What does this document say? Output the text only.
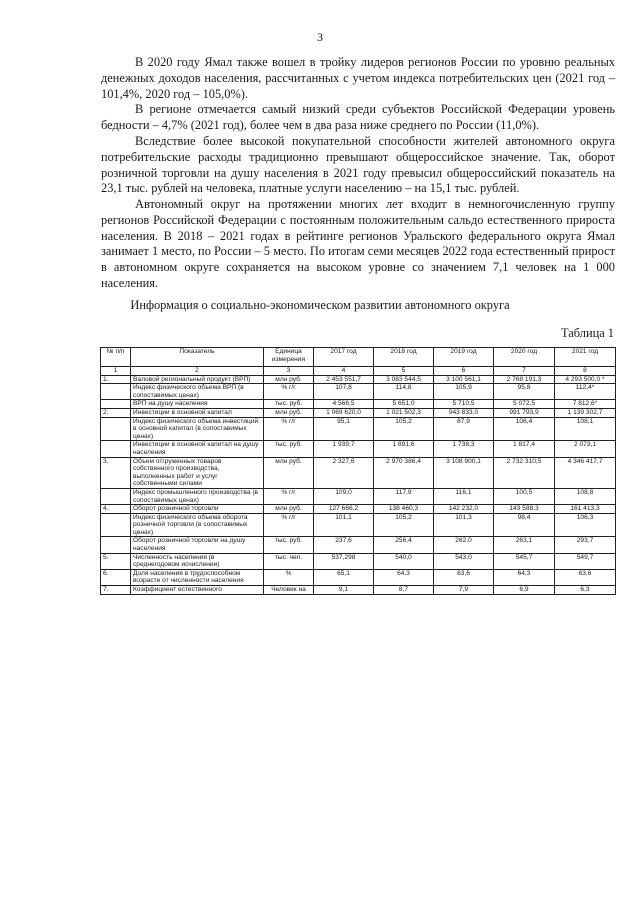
3

В 2020 году Ямал также вошел в тройку лидеров регионов России по уровню реальных денежных доходов населения, рассчитанных с учетом индекса потребительских цен (2021 год – 101,4%, 2020 год – 105,0%).

В регионе отмечается самый низкий среди субъектов Российской Федерации уровень бедности – 4,7% (2021 год), более чем в два раза ниже среднего по России (11,0%).

Вследствие более высокой покупательной способности жителей автономного округа потребительские расходы традиционно превышают общероссийское значение. Так, оборот розничной торговли на душу населения в 2021 году превысил общероссийский показатель на 23,1 тыс. рублей на человека, платные услуги населению – на 15,1 тыс. рублей.

Автономный округ на протяжении многих лет входит в немногочисленную группу регионов Российской Федерации с постоянным положительным сальдо естественного прироста населения. В 2018 – 2021 годах в рейтинге регионов Уральского федерального округа Ямал занимает 1 место, по России – 5 место. По итогам семи месяцев 2022 года естественный прирост в автономном округе сохраняется на высоком уровне со значением 7,1 человек на 1 000 населения.

Информация о социально-экономическом развитии автономного округа
Таблица 1
№ п/п	Показатель	Единица измерения	2017 год	2018 год	2019 год	2020 год	2021 год
1	2	3	4	5	6	7	8
1.	Валовой региональный продукт (ВРП)	млн руб.	2 453 551,7	3 083 544,5	3 100 561,1	2 768 191,3	4 293 500,0 *
	Индекс физического объема ВРП (в сопоставимых ценах)	% г/г	107,8	114,8	105,9	95,8	112,4*
	ВРП на душу населения	тыс. руб.	4 566,5	5 651,0	5 710,5	5 072,5	7 812,6*
2.	Инвестиции в основной капитал	млн руб.	1 069 620,0	1 021 502,3	943 833,0	991 793,9	1 139 302,7
	Индекс физического объема инвестиций в основной капитал (в сопоставимых ценах)	% г/г	95,1	105,2	87,9	106,4	108,1
	Инвестиции в основной капитал на душу населения	тыс. руб.	1 939,7	1 891,6	1 738,3	1 817,4	2 073,1
3.	Объем отгруженных товаров собственного производства, выполненных работ и услуг собственными силами	млн руб.	2 327,6	2 970 386,4	3 108 900,1	2 732 310,5	4 346 417,7
	Индекс промышленного производства (в сопоставимых ценах)	% г/г	109,0	117,9	116,1	100,5	108,8
4.	Оборот розничной торговли	млн руб.	127 666,2	138 460,3	142 232,0	143 588,3	161 413,3
	Индекс физического объема оборота розничной торговли (в сопоставимых ценах)	% г/г	101,1	105,2	101,3	98,4	106,3
	Оборот розничной торговли на душу населения	тыс. руб.	237,6	256,4	262,0	263,1	293,7
5.	Численность населения (в среднегодовом исчислении)	тыс. чел.	537,298	540,0	543,0	545,7	549,7
6.	Доля населения в трудоспособном возрасте от численности населения	%	65,1	64,3	63,6	64,3	63,6
7.	Коэффициент естественного	Человек на	9,1	8,7	7,9	6,9	6,3
